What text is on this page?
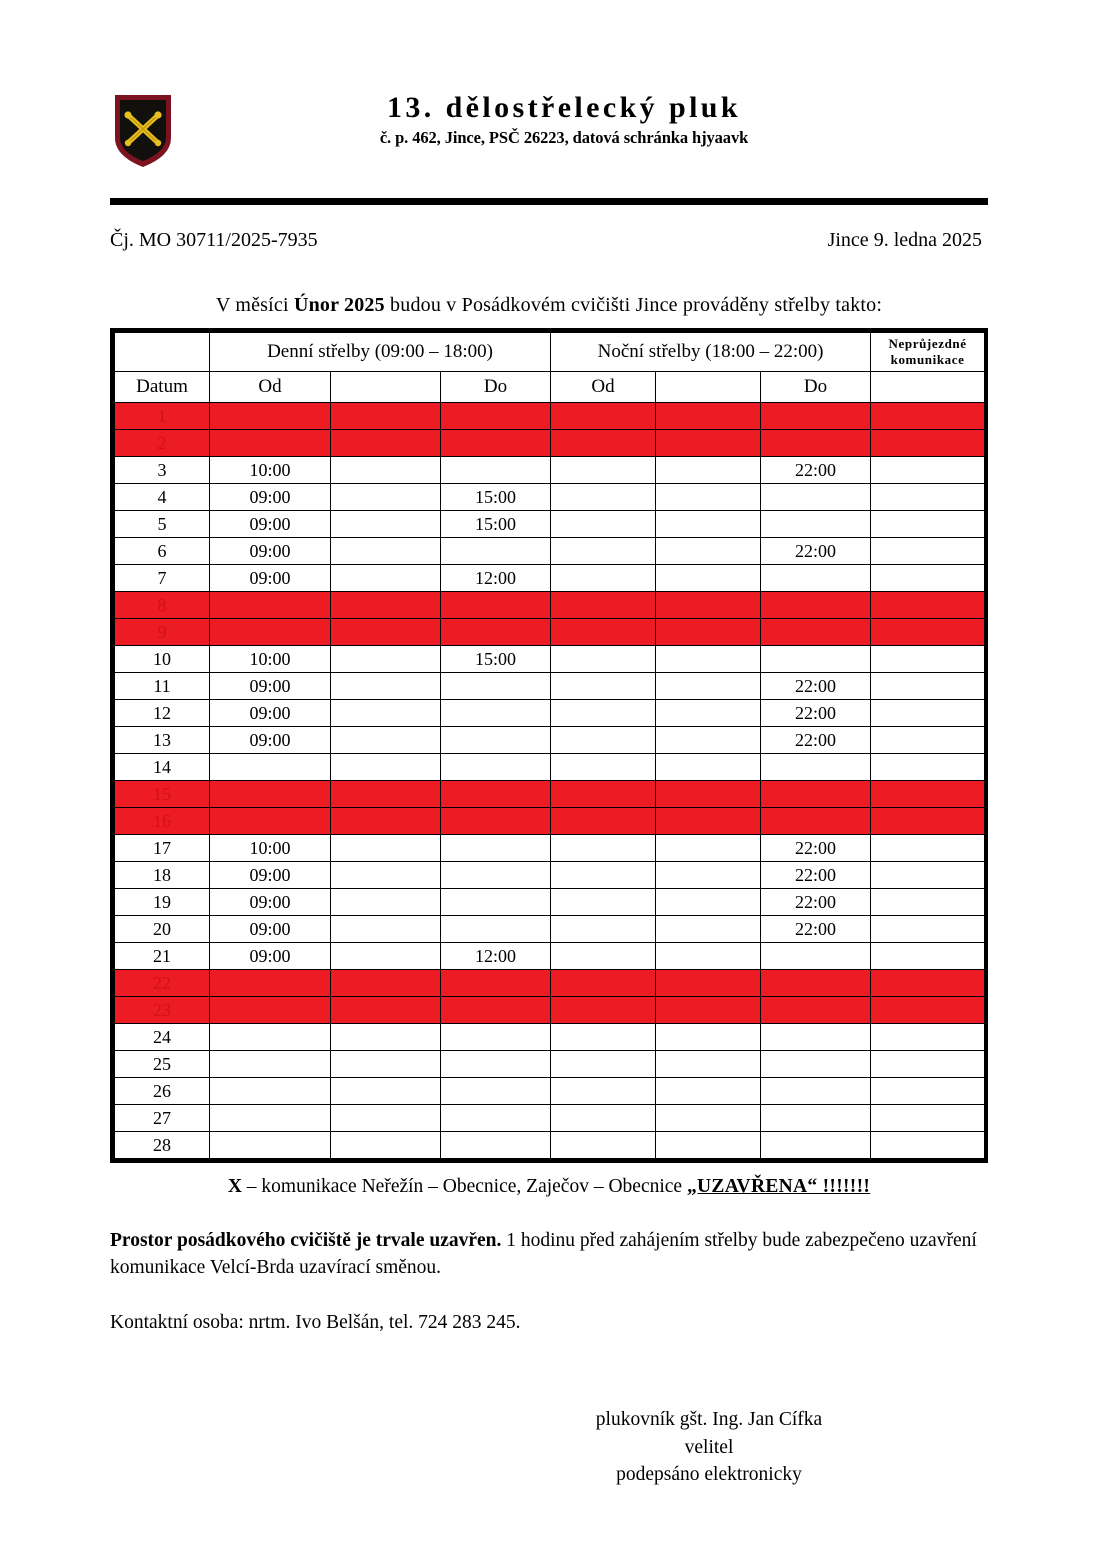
13. dělostřelecký pluk
č. p. 462, Jince, PSČ 26223, datová schránka hjyaavk
Čj. MO 30711/2025-7935	Jince 9. ledna 2025
V měsíci Únor 2025 budou v Posádkovém cvičišti Jince prováděny střelby takto:
	Denní střelby (09:00 – 18:00)			Noční střelby (18:00 – 22:00)			Neprůjezdné komunikace
Datum	Od		Do	Od		Do	
1							
2							
3	10:00					22:00	
4	09:00		15:00				
5	09:00		15:00				
6	09:00					22:00	
7	09:00		12:00				
8							
9							
10	10:00		15:00				
11	09:00					22:00	
12	09:00					22:00	
13	09:00					22:00	
14							
15							
16							
17	10:00					22:00	
18	09:00					22:00	
19	09:00					22:00	
20	09:00					22:00	
21	09:00		12:00				
22							
23							
24							
25							
26							
27							
28							
X – komunikace Neřežín – Obecnice, Zaječov – Obecnice „UZAVŘENA“ !!!!!!!
Prostor posádkového cvičiště je trvale uzavřen. 1 hodinu před zahájením střelby bude zabezpečeno uzavření komunikace Velcí-Brda uzavírací směnou.
Kontaktní osoba: nrtm. Ivo Belšán, tel. 724 283 245.
plukovník gšt. Ing. Jan Cífka
velitel
podepsáno elektronicky
